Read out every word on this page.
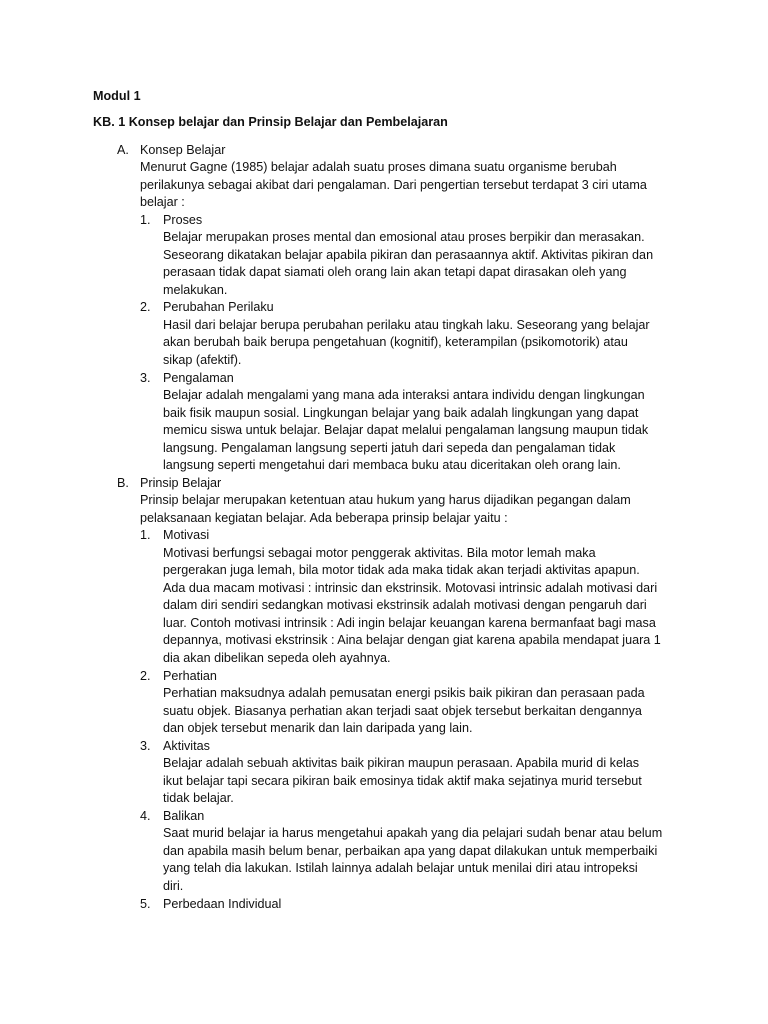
Modul 1
KB. 1 Konsep belajar dan Prinsip Belajar dan Pembelajaran
A. Konsep Belajar
Menurut Gagne (1985) belajar adalah suatu proses dimana suatu organisme berubah
perilakunya sebagai akibat dari pengalaman. Dari pengertian tersebut terdapat 3 ciri utama
belajar :
1. Proses
Belajar merupakan proses mental dan emosional atau proses berpikir dan merasakan.
Seseorang dikatakan belajar apabila pikiran dan perasaannya aktif. Aktivitas pikiran dan
perasaan tidak dapat siamati oleh orang lain akan tetapi dapat dirasakan oleh yang
melakukan.
2. Perubahan Perilaku
Hasil dari belajar berupa perubahan perilaku atau tingkah laku. Seseorang yang belajar
akan berubah baik berupa pengetahuan (kognitif), keterampilan (psikomotorik) atau
sikap (afektif).
3. Pengalaman
Belajar adalah mengalami yang mana ada interaksi antara individu dengan lingkungan
baik fisik maupun sosial. Lingkungan belajar yang baik adalah lingkungan yang dapat
memicu siswa untuk belajar. Belajar dapat melalui pengalaman langsung maupun tidak
langsung. Pengalaman langsung seperti jatuh dari sepeda dan pengalaman tidak
langsung seperti mengetahui dari membaca buku atau diceritakan oleh orang lain.
B. Prinsip Belajar
Prinsip belajar merupakan ketentuan atau hukum yang harus dijadikan pegangan dalam
pelaksanaan kegiatan belajar. Ada beberapa prinsip belajar yaitu :
1. Motivasi
Motivasi berfungsi sebagai motor penggerak aktivitas. Bila motor lemah maka
pergerakan juga lemah, bila motor tidak ada maka tidak akan terjadi aktivitas apapun.
Ada dua macam motivasi : intrinsic dan ekstrinsik. Motovasi intrinsic adalah motivasi dari
dalam diri sendiri sedangkan motivasi ekstrinsik adalah motivasi dengan pengaruh dari
luar. Contoh motivasi intrinsik : Adi ingin belajar keuangan karena bermanfaat bagi masa
depannya, motivasi ekstrinsik : Aina belajar dengan giat karena apabila mendapat juara 1
dia akan dibelikan sepeda oleh ayahnya.
2. Perhatian
Perhatian maksudnya adalah pemusatan energi psikis baik pikiran dan perasaan pada
suatu objek. Biasanya perhatian akan terjadi saat objek tersebut berkaitan dengannya
dan objek tersebut menarik dan lain daripada yang lain.
3. Aktivitas
Belajar adalah sebuah aktivitas baik pikiran maupun perasaan. Apabila murid di kelas
ikut belajar tapi secara pikiran baik emosinya tidak aktif maka sejatinya murid tersebut
tidak belajar.
4. Balikan
Saat murid belajar ia harus mengetahui apakah yang dia pelajari sudah benar atau belum
dan apabila masih belum benar, perbaikan apa yang dapat dilakukan untuk memperbaiki
yang telah dia lakukan. Istilah lainnya adalah belajar untuk menilai diri atau intropeksi
diri.
5. Perbedaan Individual
